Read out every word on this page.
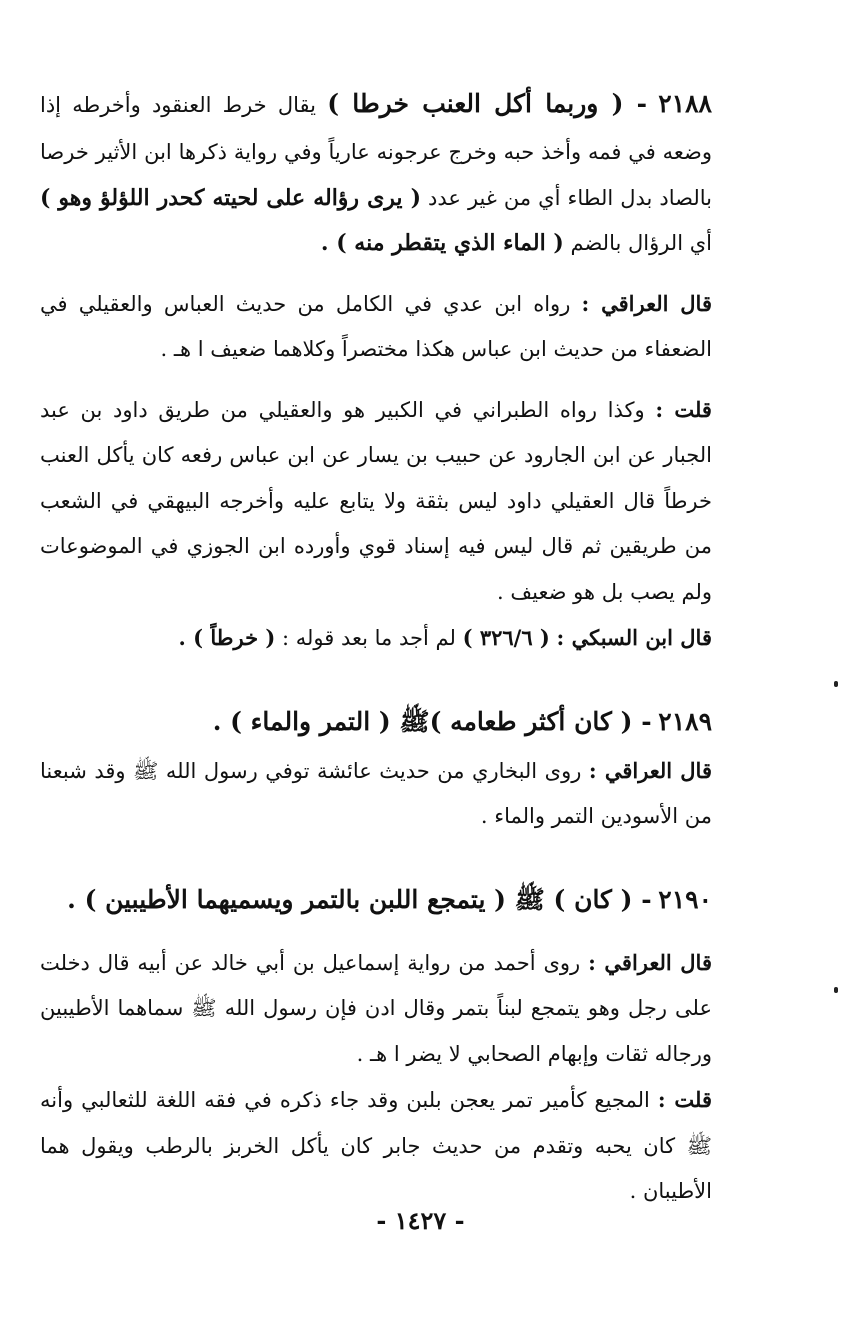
٢١٨٨ - ( وربما أكل العنب خرطا ) يقال خرط العنقود وأخرطه إذا وضعه في فمه وأخذ حبه وخرج عرجونه عارياً وفي رواية ذكرها ابن الأثير خرصا بالصاد بدل الطاء أي من غير عدد ( يرى رؤاله على لحيته كحدر اللؤلؤ وهو ) أي الرؤال بالضم ( الماء الذي يتقطر منه ) .

قال العراقي : رواه ابن عدي في الكامل من حديث العباس والعقيلي في الضعفاء من حديث ابن عباس هكذا مختصراً وكلاهما ضعيف ا هـ .

قلت : وكذا رواه الطبراني في الكبير هو والعقيلي من طريق داود بن عبد الجبار عن ابن الجارود عن حبيب بن يسار عن ابن عباس رفعه كان يأكل العنب خرطاً قال العقيلي داود ليس بثقة ولا يتابع عليه وأخرجه البيهقي في الشعب من طريقين ثم قال ليس فيه إسناد قوي وأورده ابن الجوزي في الموضوعات ولم يصب بل هو ضعيف .

قال ابن السبكي : ( ٣٢٦/٦ ) لم أجد ما بعد قوله : ( خرطاً ) .

٢١٨٩ - ( كان أكثر طعامه )ﷺ ( التمر والماء ) .

قال العراقي : روى البخاري من حديث عائشة توفي رسول الله ﷺ وقد شبعنا من الأسودين التمر والماء .

٢١٩٠ - ( كان ) ﷺ ( يتمجع اللبن بالتمر ويسميهما الأطيبين ) .

قال العراقي : روى أحمد من رواية إسماعيل بن أبي خالد عن أبيه قال دخلت على رجل وهو يتمجع لبناً بتمر وقال ادن فإن رسول الله ﷺ سماهما الأطيبين ورجاله ثقات وإبهام الصحابي لا يضر ا هـ .

قلت : المجيع كأمير تمر يعجن بلبن وقد جاء ذكره في فقه اللغة للثعالبي وأنه ﷺ كان يحبه وتقدم من حديث جابر كان يأكل الخربز بالرطب ويقول هما الأطيبان .

- ١٤٢٧ -
